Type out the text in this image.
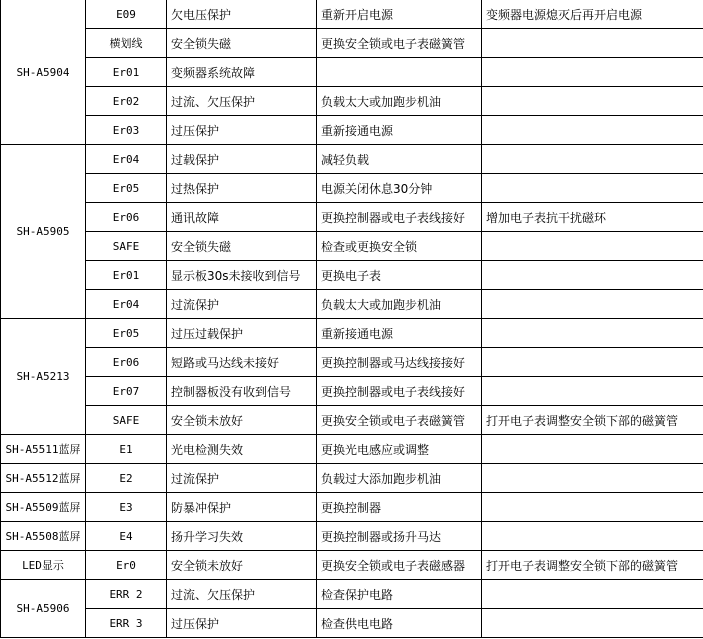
SH-A5904	E09	欠电压保护	重新开启电源	变频器电源熄灭后再开启电源
	横划线	安全锁失磁	更换安全锁或电子表磁簧管	
	Er01	变频器系统故障		
	Er02	过流、欠压保护	负载太大或加跑步机油	
	Er03	过压保护	重新接通电源	
SH-A5905	Er04	过载保护	减轻负载	
	Er05	过热保护	电源关闭休息30分钟	
	Er06	通讯故障	更换控制器或电子表线接好	增加电子表抗干扰磁环
	SAFE	安全锁失磁	检查或更换安全锁	
	Er01	显示板30s未接收到信号	更换电子表	
	Er04	过流保护	负载太大或加跑步机油	
SH-A5213	Er05	过压过载保护	重新接通电源	
	Er06	短路或马达线未接好	更换控制器或马达线接接好	
	Er07	控制器板没有收到信号	更换控制器或电子表线接好	
	SAFE	安全锁未放好	更换安全锁或电子表磁簧管	打开电子表调整安全锁下部的磁簧管
SH-A5511蓝屏	E1	光电检测失效	更换光电感应或调整	
SH-A5512蓝屏	E2	过流保护	负载过大添加跑步机油	
SH-A5509蓝屏	E3	防暴冲保护	更换控制器	
SH-A5508蓝屏	E4	扬升学习失效	更换控制器或扬升马达	
LED显示	Er0	安全锁未放好	更换安全锁或电子表磁感器	打开电子表调整安全锁下部的磁簧管
SH-A5906	ERR 2	过流、欠压保护	检查保护电路	
	ERR 3	过压保护	检查供电电路	
